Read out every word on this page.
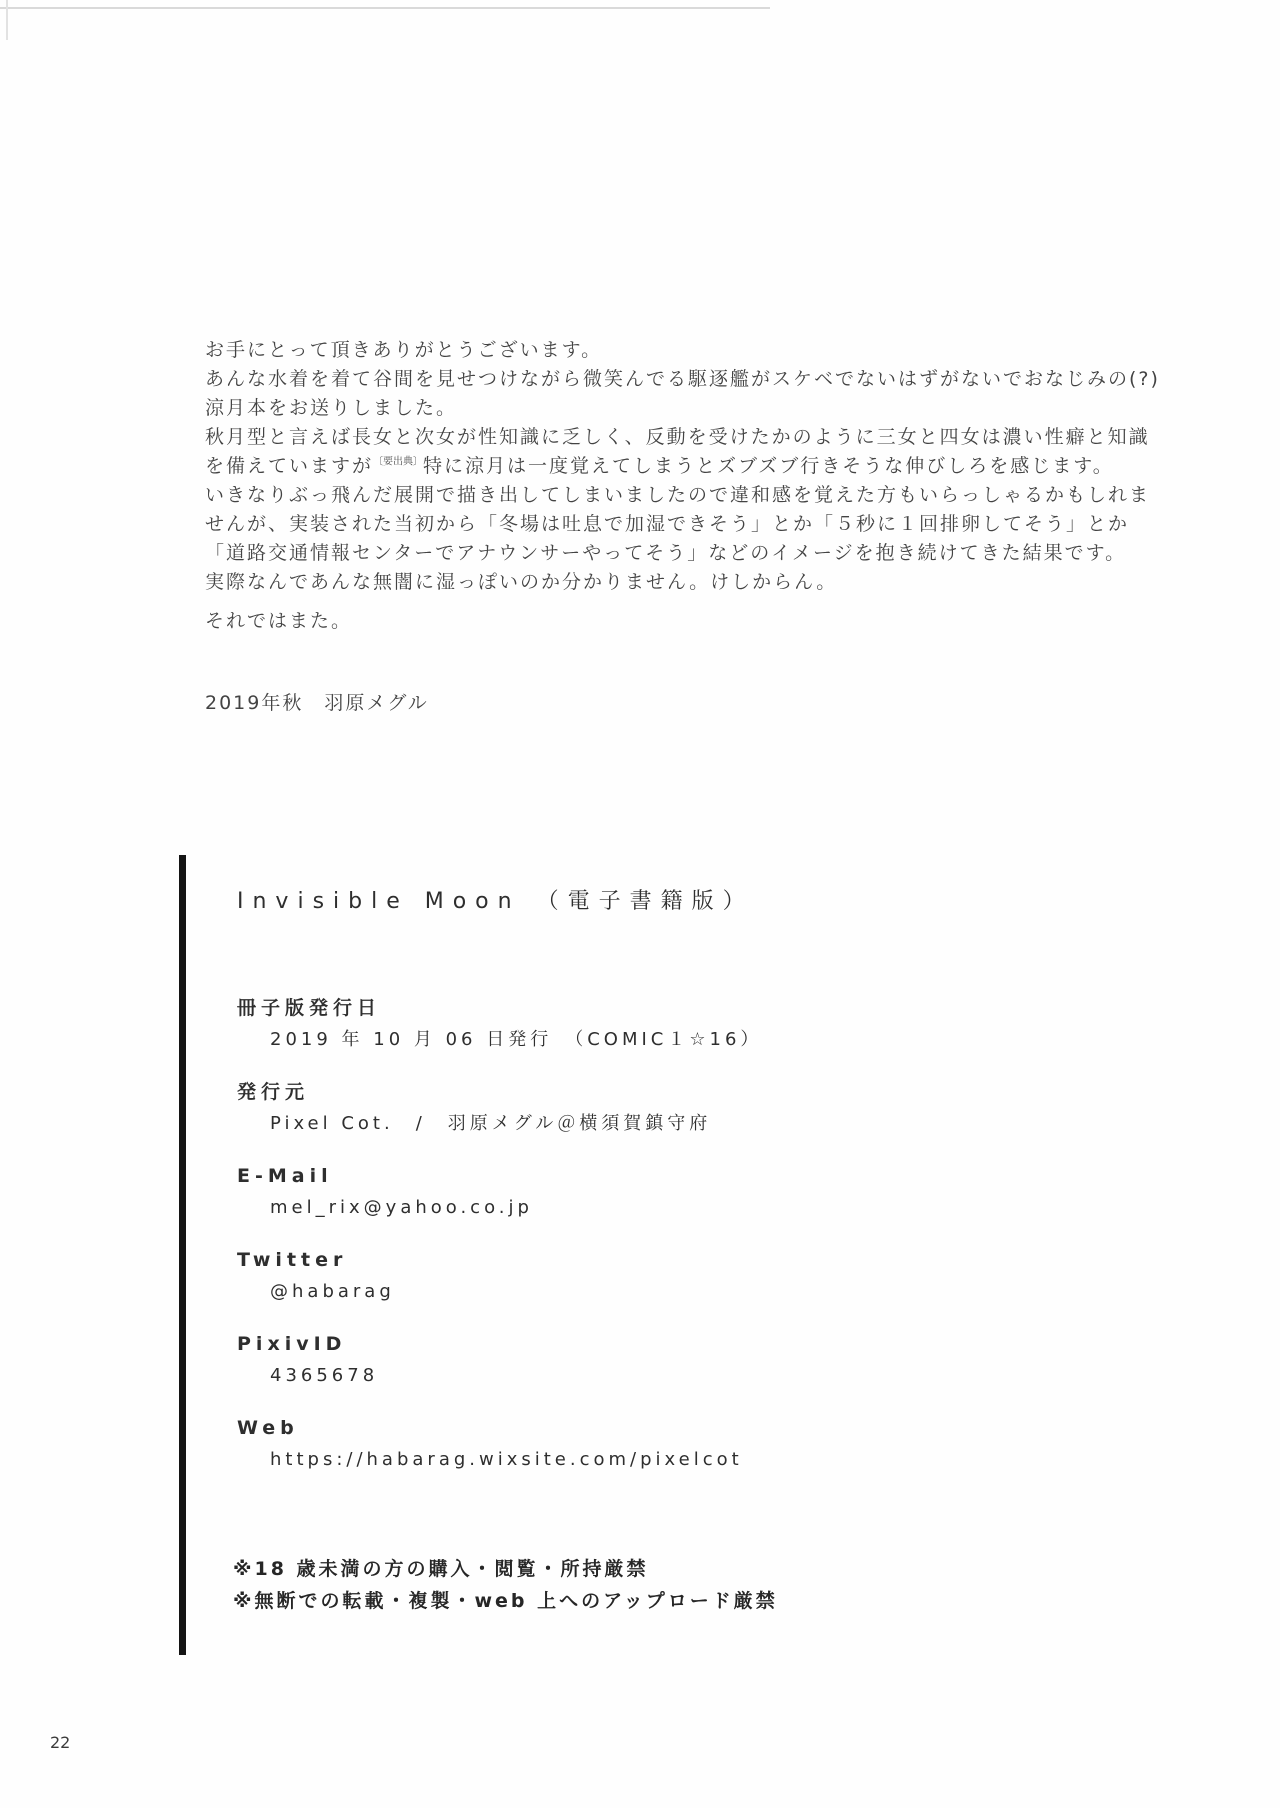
お手にとって頂きありがとうございます。
あんな水着を着て谷間を見せつけながら微笑んでる駆逐艦がスケベでないはずがないでおなじみの(?)
涼月本をお送りしました。
秋月型と言えば長女と次女が性知識に乏しく、反動を受けたかのように三女と四女は濃い性癖と知識
を備えていますが$^{〔要出典〕}$特に涼月は一度覚えてしまうとズブズブ行きそうな伸びしろを感じます。
いきなりぶっ飛んだ展開で描き出してしまいましたので違和感を覚えた方もいらっしゃるかもしれま
せんが、実装された当初から「冬場は吐息で加湿できそう」とか「５秒に１回排卵してそう」とか
「道路交通情報センターでアナウンサーやってそう」などのイメージを抱き続けてきた結果です。
実際なんであんな無闇に湿っぽいのか分かりません。けしからん。
それではまた。
2019年秋　羽原メグル
Invisible Moon （電子書籍版）
冊子版発行日
2019 年 10 月 06 日発行　（COMIC１☆16）
発行元
Pixel Cot.　/　羽原メグル＠横須賀鎮守府
E-Mail
mel_rix@yahoo.co.jp
Twitter
@habarag
PixivID
4365678
Web
https://habarag.wixsite.com/pixelcot
※18 歳未満の方の購入・閲覧・所持厳禁
※無断での転載・複製・web 上へのアップロード厳禁
22
